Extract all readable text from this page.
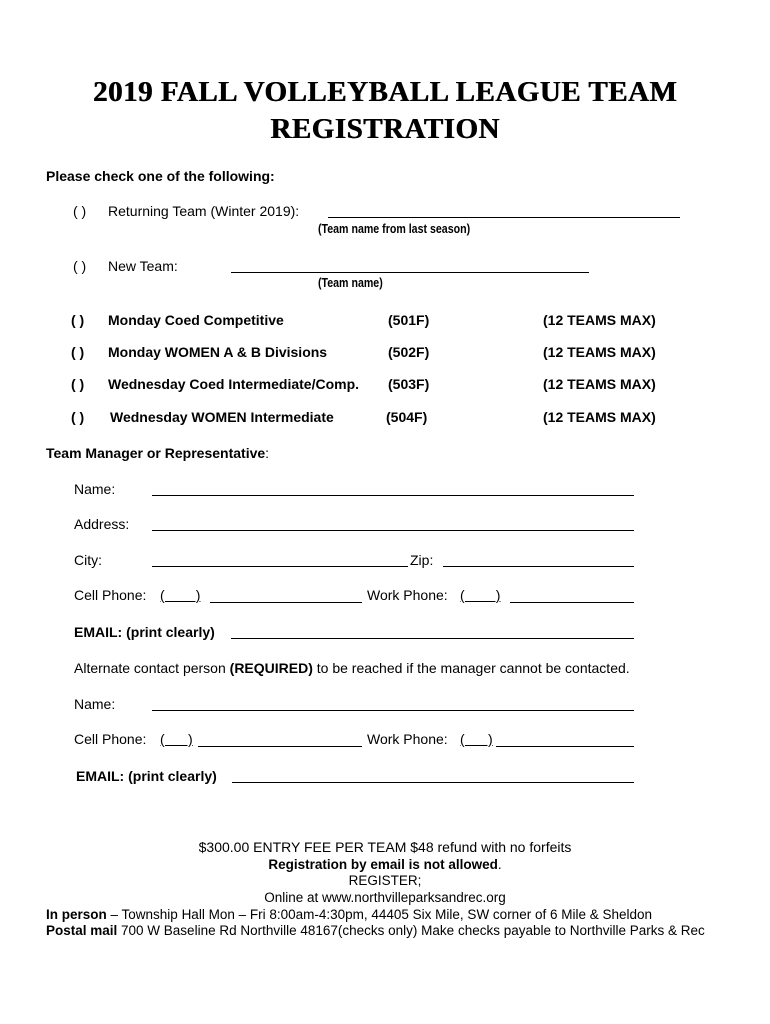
2019 FALL VOLLEYBALL LEAGUE TEAM
REGISTRATION
Please check one of the following:
( ) Returning Team (Winter 2019):
(Team name from last season)
( ) New Team:
(Team name)
( ) Monday Coed Competitive	(501F)	(12 TEAMS MAX)
( ) Monday WOMEN A & B Divisions	(502F)	(12 TEAMS MAX)
( ) Wednesday Coed Intermediate/Comp. (503F)	(12 TEAMS MAX)
( ) Wednesday WOMEN Intermediate	(504F)	(12 TEAMS MAX)
Team Manager or Representative:
Name:
Address:
City:	Zip:
Cell Phone: (        )	Work Phone: (        )
EMAIL: (print clearly)
Alternate contact person (REQUIRED) to be reached if the manager cannot be contacted.
Name:
Cell Phone: (      )	Work Phone: (      )
EMAIL: (print clearly)
$300.00 ENTRY FEE PER TEAM $48 refund with no forfeits
Registration by email is not allowed.
REGISTER;
Online at www.northvilleparksandrec.org
In person – Township Hall Mon – Fri 8:00am-4:30pm, 44405 Six Mile, SW corner of 6 Mile & Sheldon
Postal mail 700 W Baseline Rd Northville 48167(checks only) Make checks payable to Northville Parks & Rec
